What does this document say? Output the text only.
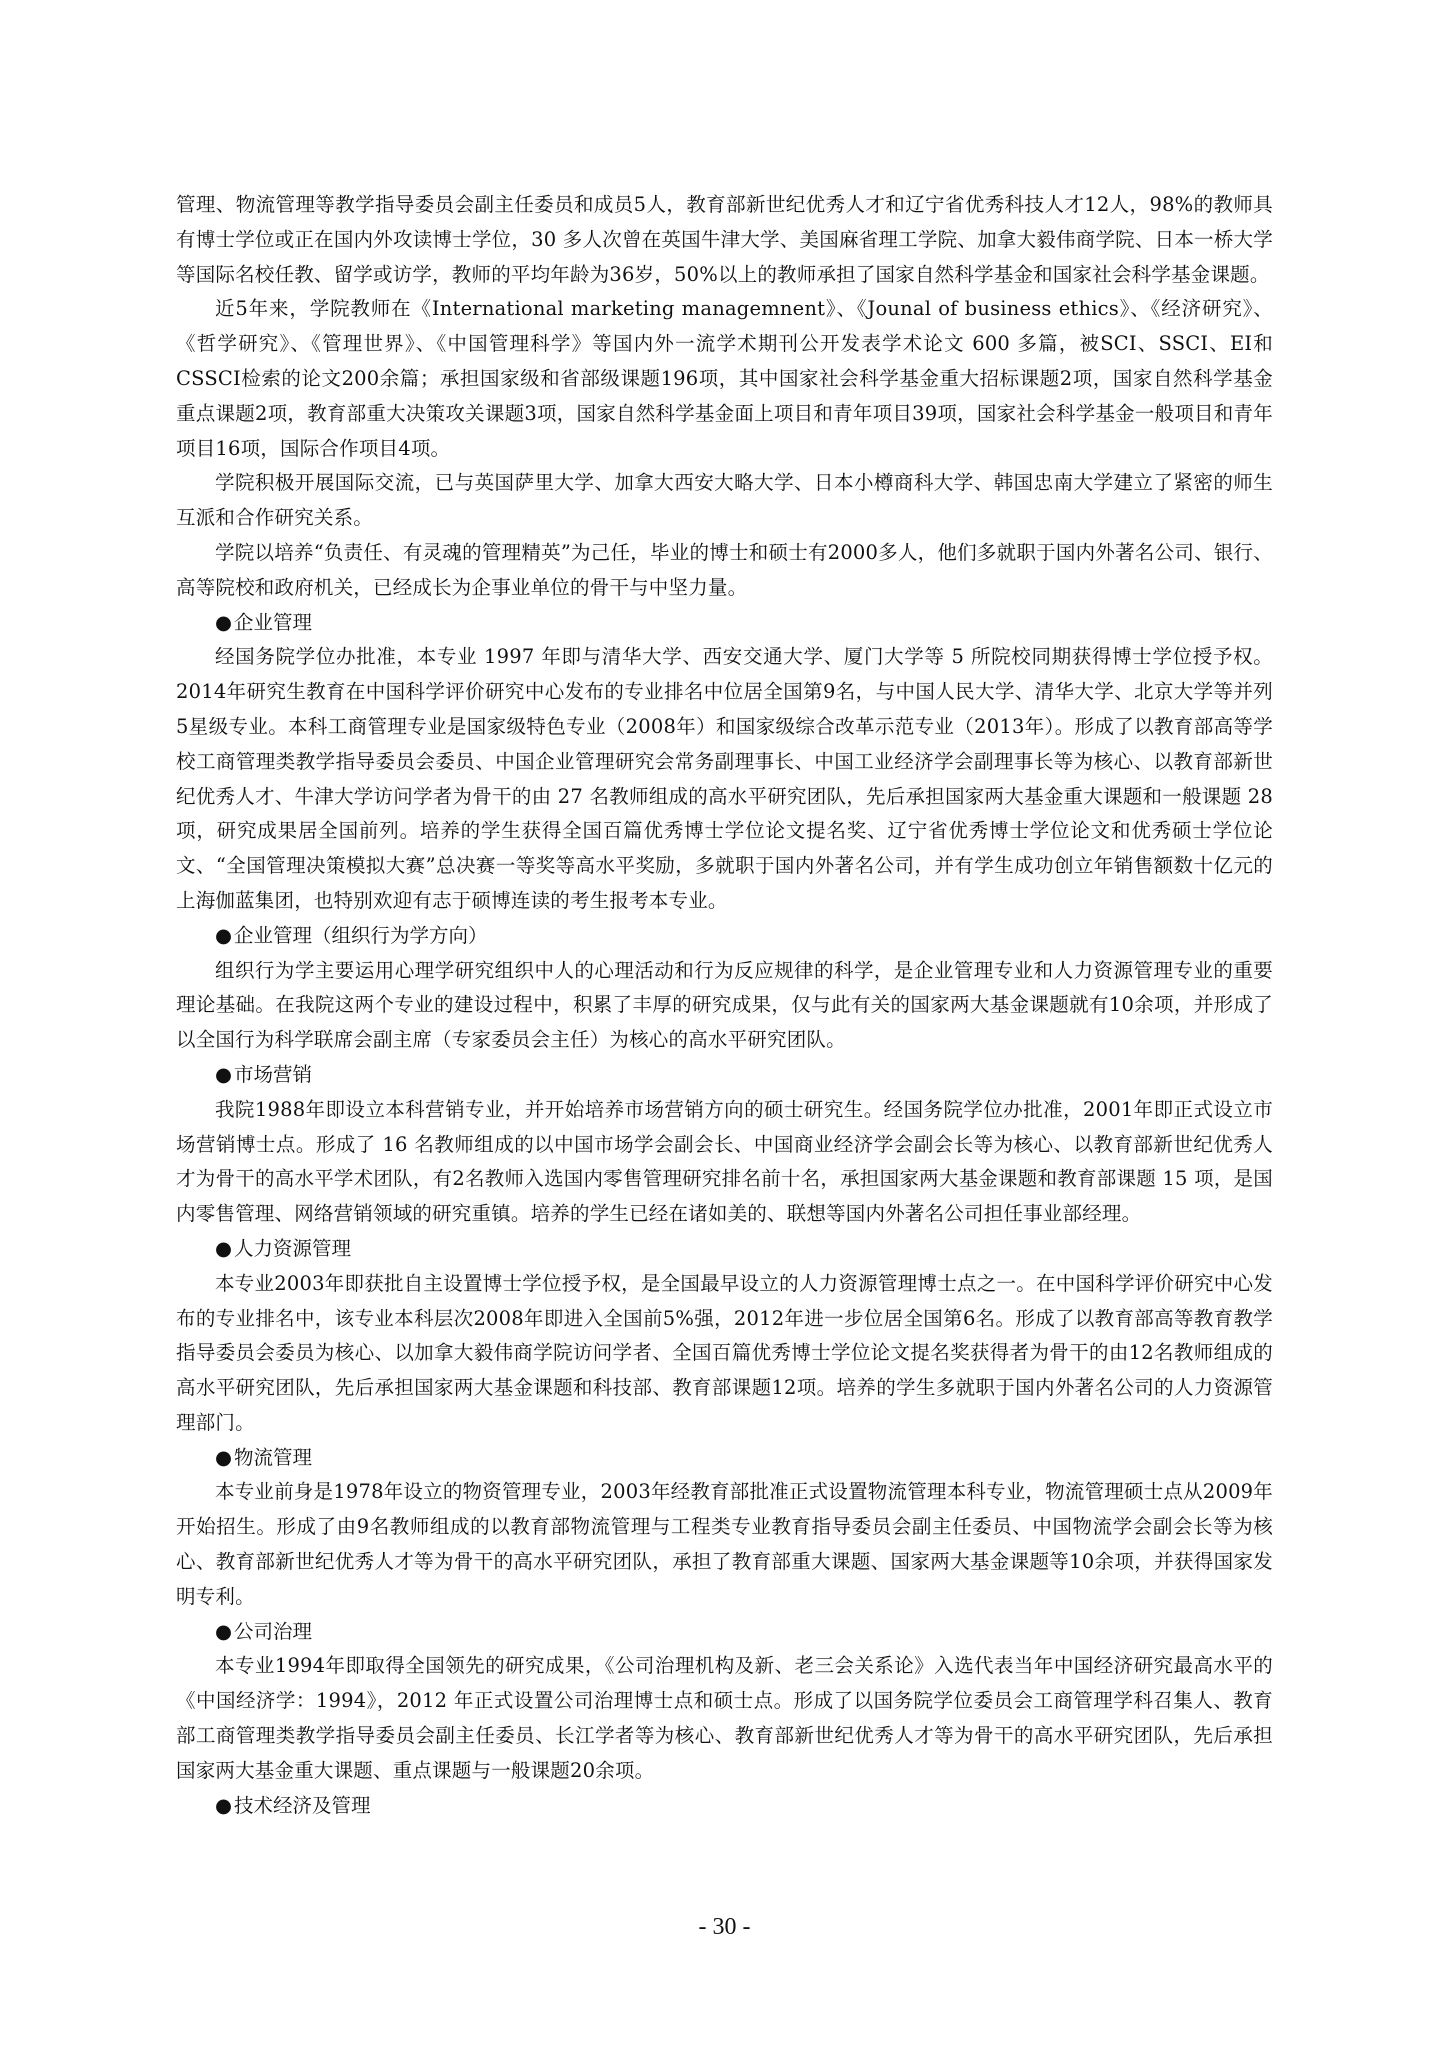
管理、物流管理等教学指导委员会副主任委员和成员5人，教育部新世纪优秀人才和辽宁省优秀科技人才12人，98%的教师具有博士学位或正在国内外攻读博士学位，30 多人次曾在英国牛津大学、美国麻省理工学院、加拿大毅伟商学院、日本一桥大学等国际名校任教、留学或访学，教师的平均年龄为36岁，50%以上的教师承担了国家自然科学基金和国家社会科学基金课题。

近5年来，学院教师在《International marketing managemnent》、《Jounal of business ethics》、《经济研究》、《哲学研究》、《管理世界》、《中国管理科学》等国内外一流学术期刊公开发表学术论文 600 多篇，被SCI、SSCI、EI和CSSCI检索的论文200余篇；承担国家级和省部级课题196项，其中国家社会科学基金重大招标课题2项，国家自然科学基金重点课题2项，教育部重大决策攻关课题3项，国家自然科学基金面上项目和青年项目39项，国家社会科学基金一般项目和青年项目16项，国际合作项目4项。

学院积极开展国际交流，已与英国萨里大学、加拿大西安大略大学、日本小樽商科大学、韩国忠南大学建立了紧密的师生互派和合作研究关系。

学院以培养“负责任、有灵魂的管理精英”为己任，毕业的博士和硕士有2000多人，他们多就职于国内外著名公司、银行、高等院校和政府机关，已经成长为企事业单位的骨干与中坚力量。

● 企业管理

经国务院学位办批准，本专业 1997 年即与清华大学、西安交通大学、厦门大学等 5 所院校同期获得博士学位授予权。2014年研究生教育在中国科学评价研究中心发布的专业排名中位居全国第9名，与中国人民大学、清华大学、北京大学等并列5星级专业。本科工商管理专业是国家级特色专业（2008年）和国家级综合改革示范专业（2013年）。形成了以教育部高等学校工商管理类教学指导委员会委员、中国企业管理研究会常务副理事长、中国工业经济学会副理事长等为核心、以教育部新世纪优秀人才、牛津大学访问学者为骨干的由 27 名教师组成的高水平研究团队，先后承担国家两大基金重大课题和一般课题 28 项，研究成果居全国前列。培养的学生获得全国百篇优秀博士学位论文提名奖、辽宁省优秀博士学位论文和优秀硕士学位论文、“全国管理决策模拟大赛”总决赛一等奖等高水平奖励，多就职于国内外著名公司，并有学生成功创立年销售额数十亿元的上海伽蓝集团，也特别欢迎有志于硕博连读的考生报考本专业。

● 企业管理（组织行为学方向）

组织行为学主要运用心理学研究组织中人的心理活动和行为反应规律的科学，是企业管理专业和人力资源管理专业的重要理论基础。在我院这两个专业的建设过程中，积累了丰厚的研究成果，仅与此有关的国家两大基金课题就有10余项，并形成了以全国行为科学联席会副主席（专家委员会主任）为核心的高水平研究团队。

● 市场营销

我院1988年即设立本科营销专业，并开始培养市场营销方向的硕士研究生。经国务院学位办批准，2001年即正式设立市场营销博士点。形成了 16 名教师组成的以中国市场学会副会长、中国商业经济学会副会长等为核心、以教育部新世纪优秀人才为骨干的高水平学术团队，有2名教师入选国内零售管理研究排名前十名，承担国家两大基金课题和教育部课题 15 项，是国内零售管理、网络营销领域的研究重镇。培养的学生已经在诸如美的、联想等国内外著名公司担任事业部经理。

● 人力资源管理

本专业2003年即获批自主设置博士学位授予权，是全国最早设立的人力资源管理博士点之一。在中国科学评价研究中心发布的专业排名中，该专业本科层次2008年即进入全国前5%强，2012年进一步位居全国第6名。形成了以教育部高等教育教学指导委员会委员为核心、以加拿大毅伟商学院访问学者、全国百篇优秀博士学位论文提名奖获得者为骨干的由12名教师组成的高水平研究团队，先后承担国家两大基金课题和科技部、教育部课题12项。培养的学生多就职于国内外著名公司的人力资源管理部门。

● 物流管理

本专业前身是1978年设立的物资管理专业，2003年经教育部批准正式设置物流管理本科专业，物流管理硕士点从2009年开始招生。形成了由9名教师组成的以教育部物流管理与工程类专业教育指导委员会副主任委员、中国物流学会副会长等为核心、教育部新世纪优秀人才等为骨干的高水平研究团队，承担了教育部重大课题、国家两大基金课题等10余项，并获得国家发明专利。

● 公司治理

本专业1994年即取得全国领先的研究成果，《公司治理机构及新、老三会关系论》入选代表当年中国经济研究最高水平的《中国经济学：1994》，2012 年正式设置公司治理博士点和硕士点。形成了以国务院学位委员会工商管理学科召集人、教育部工商管理类教学指导委员会副主任委员、长江学者等为核心、教育部新世纪优秀人才等为骨干的高水平研究团队，先后承担国家两大基金重大课题、重点课题与一般课题20余项。

● 技术经济及管理

- 30 -
